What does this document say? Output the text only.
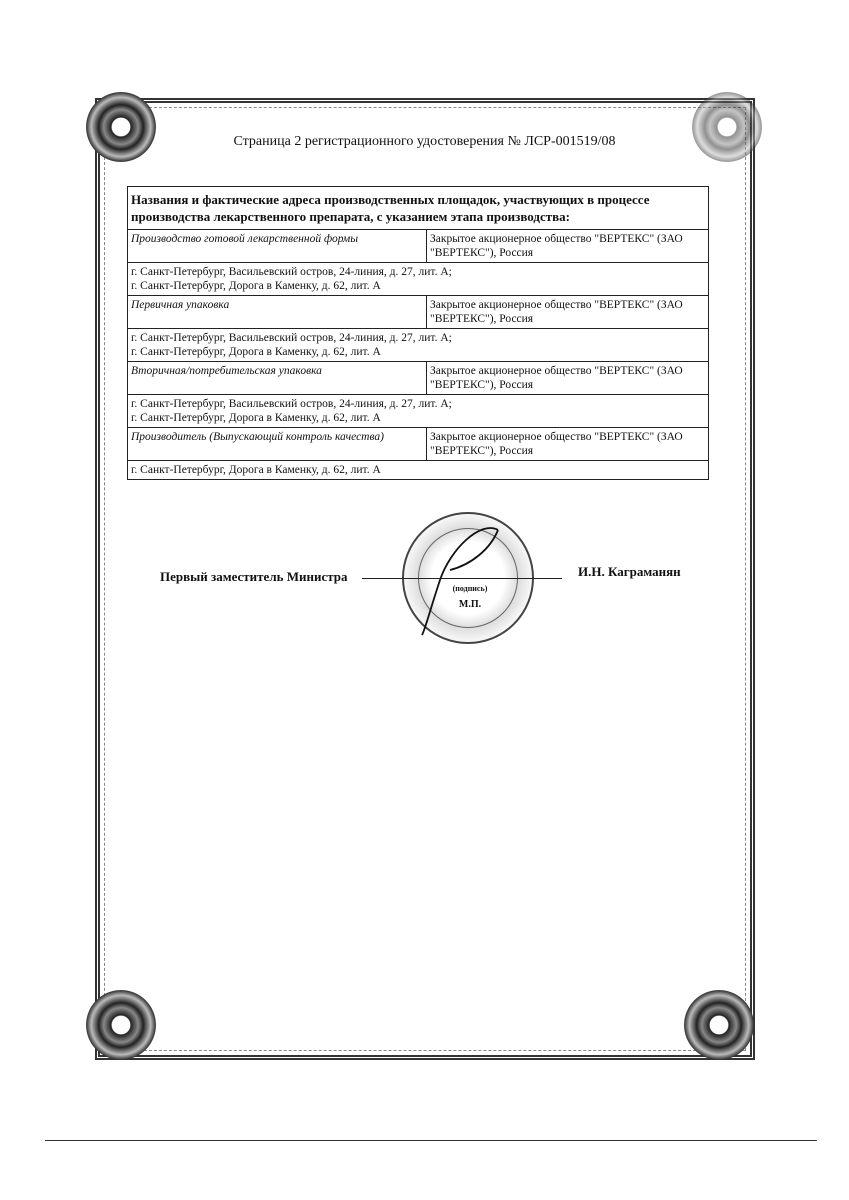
Страница 2 регистрационного удостоверения № ЛСР-001519/08
Названия и фактические адреса производственных площадок, участвующих в процессе производства лекарственного препарата, с указанием этапа производства:	
Производство готовой лекарственной формы	Закрытое акционерное общество "ВЕРТЕКС" (ЗАО "ВЕРТЕКС"), Россия

г. Санкт-Петербург, Васильевский остров, 24-линия, д. 27, лит. А;
г. Санкт-Петербург, Дорога в Каменку, д. 62, лит. А	

Первичная упаковка	Закрытое акционерное общество "ВЕРТЕКС" (ЗАО "ВЕРТЕКС"), Россия

г. Санкт-Петербург, Васильевский остров, 24-линия, д. 27, лит. А;
г. Санкт-Петербург, Дорога в Каменку, д. 62, лит. А	

Вторичная/потребительская упаковка	Закрытое акционерное общество "ВЕРТЕКС" (ЗАО "ВЕРТЕКС"), Россия

г. Санкт-Петербург, Васильевский остров, 24-линия, д. 27, лит. А;
г. Санкт-Петербург, Дорога в Каменку, д. 62, лит. А	

Производитель (Выпускающий контроль качества)	Закрытое акционерное общество "ВЕРТЕКС" (ЗАО "ВЕРТЕКС"), Россия

г. Санкт-Петербург, Дорога в Каменку, д. 62, лит. А	
Первый заместитель Министра
(подпись)
М.П.
И.Н. Каграманян
